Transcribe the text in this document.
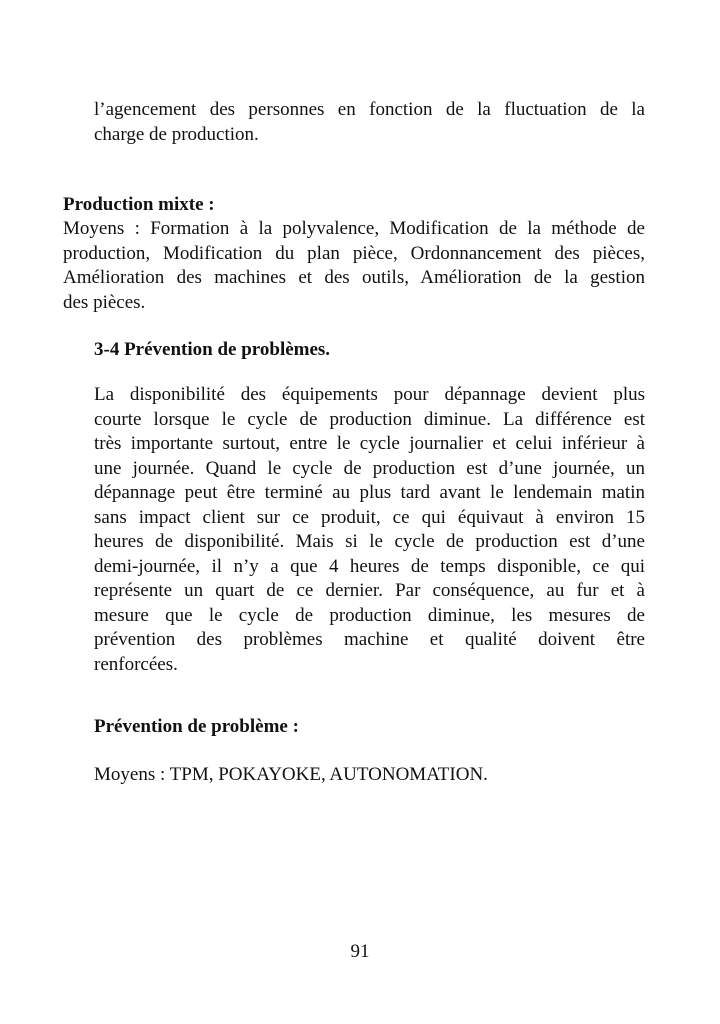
l’agencement des personnes en fonction de la fluctuation de la
charge de production.

Production mixte :

Moyens : Formation à la polyvalence, Modification de la méthode de
production, Modification du plan pièce, Ordonnancement des pièces,
Amélioration des machines et des outils, Amélioration de la gestion
des pièces.

3-4 Prévention de problèmes.

La disponibilité des équipements pour dépannage devient plus
courte lorsque le cycle de production diminue. La différence est
très importante surtout, entre le cycle journalier et celui inférieur à
une journée. Quand le cycle de production est d’une journée, un
dépannage peut être terminé au plus tard avant le lendemain matin
sans impact client sur ce produit, ce qui équivaut à environ 15
heures de disponibilité. Mais si le cycle de production est d’une
demi-journée, il n’y a que 4 heures de temps disponible, ce qui
représente un quart de ce dernier. Par conséquence, au fur et à
mesure que le cycle de production diminue, les mesures de
prévention des problèmes machine et qualité doivent être
renforcées.

Prévention de problème :

Moyens : TPM, POKAYOKE, AUTONOMATION.

91
